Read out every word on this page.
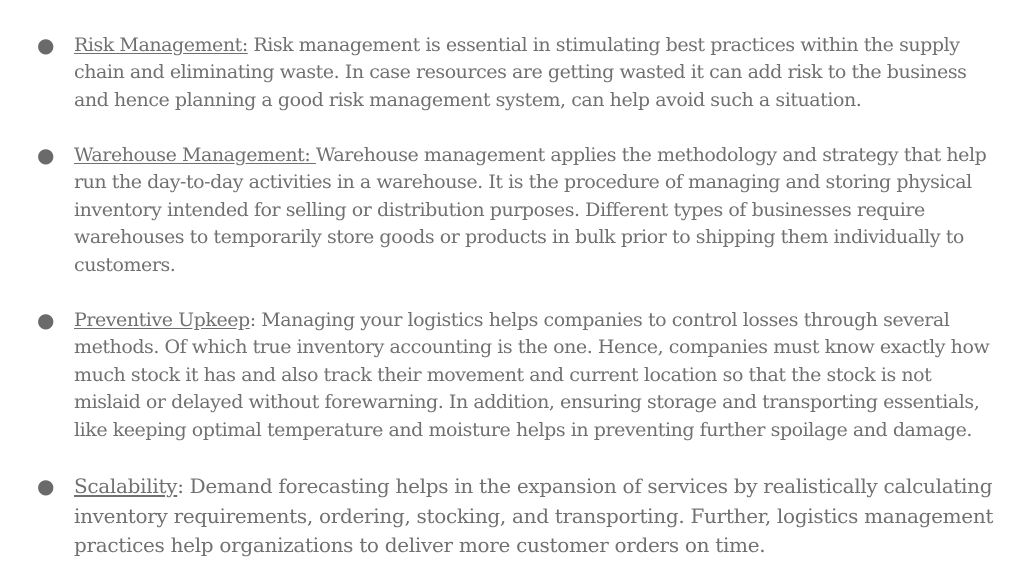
● Risk Management: Risk management is essential in stimulating best practices within the supply chain and eliminating waste. In case resources are getting wasted it can add risk to the business and hence planning a good risk management system, can help avoid such a situation.

● Warehouse Management: Warehouse management applies the methodology and strategy that help run the day-to-day activities in a warehouse. It is the procedure of managing and storing physical inventory intended for selling or distribution purposes. Different types of businesses require warehouses to temporarily store goods or products in bulk prior to shipping them individually to customers.

● Preventive Upkeep: Managing your logistics helps companies to control losses through several methods. Of which true inventory accounting is the one. Hence, companies must know exactly how much stock it has and also track their movement and current location so that the stock is not mislaid or delayed without forewarning. In addition, ensuring storage and transporting essentials, like keeping optimal temperature and moisture helps in preventing further spoilage and damage.

● Scalability: Demand forecasting helps in the expansion of services by realistically calculating inventory requirements, ordering, stocking, and transporting. Further, logistics management practices help organizations to deliver more customer orders on time.
